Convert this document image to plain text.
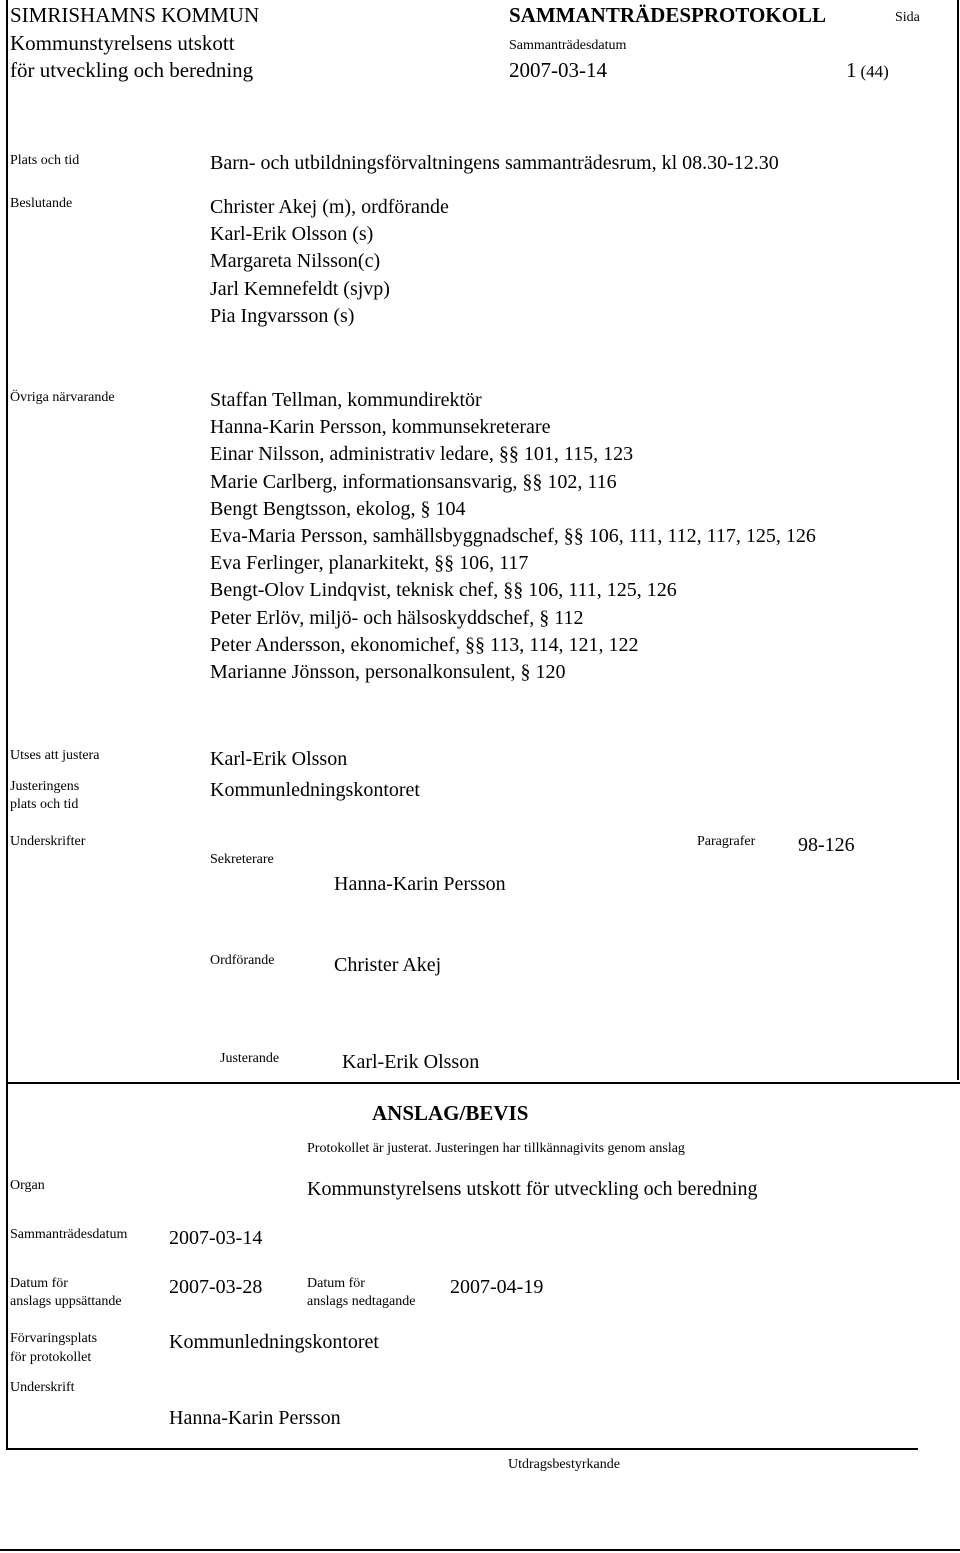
SIMRISHAMNS KOMMUN
Kommunstyrelsens utskott
för utveckling och beredning
SAMMANTRÄDESPROTOKOLL
Sammanträdesdatum
2007-03-14
Sida
1 (44)
Plats och tid	Barn- och utbildningsförvaltningens sammanträdesrum, kl 08.30-12.30
Beslutande	Christer Akej (m), ordförande
Karl-Erik Olsson (s)
Margareta Nilsson(c)
Jarl Kemnefeldt (sjvp)
Pia Ingvarsson (s)
Övriga närvarande	Staffan Tellman, kommundirektör
Hanna-Karin Persson, kommunsekreterare
Einar Nilsson, administrativ ledare, §§ 101, 115, 123
Marie Carlberg, informationsansvarig, §§ 102, 116
Bengt Bengtsson, ekolog, § 104
Eva-Maria Persson, samhällsbyggnadschef, §§ 106, 111, 112, 117, 125, 126
Eva Ferlinger, planarkitekt, §§ 106, 117
Bengt-Olov Lindqvist, teknisk chef, §§ 106, 111, 125, 126
Peter Erlöv, miljö- och hälsoskyddschef, § 112
Peter Andersson, ekonomichef, §§ 113, 114, 121, 122
Marianne Jönsson, personalkonsulent, § 120
Utses att justera	Karl-Erik Olsson
Justeringens
plats och tid
Kommunledningskontoret
Underskrifter
Sekreterare
Hanna-Karin Persson
Paragrafer 98-126
Ordförande	Christer Akej
Justerande	Karl-Erik Olsson
ANSLAG/BEVIS
Protokollet är justerat. Justeringen har tillkännagivits genom anslag
Organ	Kommunstyrelsens utskott för utveckling och beredning
Sammanträdesdatum 2007-03-14
Datum för
anslags uppsättande
2007-03-28	Datum för
anslags nedtagande
2007-04-19
Förvaringsplats
för protokollet
Kommunledningskontoret
Underskrift
Hanna-Karin Persson
Utdragsbestyrkande
